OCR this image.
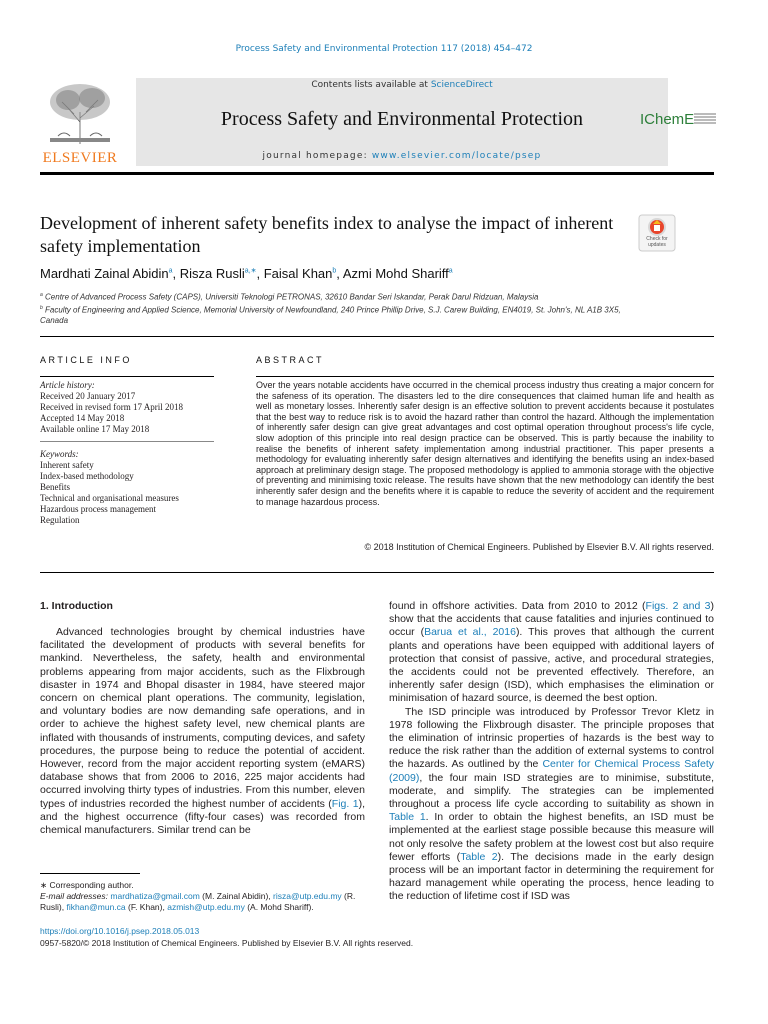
Process Safety and Environmental Protection 117 (2018) 454–472
ELSEVIER
Contents lists available at ScienceDirect
Process Safety and Environmental Protection
journal homepage: www.elsevier.com/locate/psep
IChemE
Development of inherent safety benefits index to analyse the impact of inherent safety implementation	Check for updates
Mardhati Zainal Abidin$^a$, Risza Rusli$^{a,∗}$, Faisal Khan$^b$, Azmi Mohd Shariff$^a$
$^a$ Centre of Advanced Process Safety (CAPS), Universiti Teknologi PETRONAS, 32610 Bandar Seri Iskandar, Perak Darul Ridzuan, Malaysia
$^b$ Faculty of Engineering and Applied Science, Memorial University of Newfoundland, 240 Prince Phillip Drive, S.J. Carew Building, EN4019, St. John's, NL A1B 3X5, Canada
ARTICLE INFO	ABSTRACT
Article history:
Received 20 January 2017
Received in revised form 17 April 2018
Accepted 14 May 2018
Available online 17 May 2018
Keywords:
Inherent safety
Index-based methodology
Benefits
Technical and organisational measures
Hazardous process management
Regulation
Over the years notable accidents have occurred in the chemical process industry thus creating a major concern for the safeness of its operation. The disasters led to the dire consequences that claimed human life and health as well as monetary losses. Inherently safer design is an effective solution to prevent accidents because it postulates that the best way to reduce risk is to avoid the hazard rather than control the hazard. Although the implementation of inherently safer design can give great advantages and cost optimal operation throughout process's life cycle, slow adoption of this principle into real design practice can be observed. This is partly because the inability to realise the benefits of inherent safety implementation among industrial practitioner. This paper presents a methodology for evaluating inherently safer design alternatives and identifying the benefits using an index-based approach at preliminary design stage. The proposed methodology is applied to ammonia storage with the objective of preventing and minimising toxic release. The results have shown that the new methodology can identify the best inherently safer design and the benefits where it is capable to reduce the severity of accident and the requirement to manage hazardous process.
© 2018 Institution of Chemical Engineers. Published by Elsevier B.V. All rights reserved.
1. Introduction

Advanced technologies brought by chemical industries have facilitated the development of products with several benefits for mankind. Nevertheless, the safety, health and environmental problems appearing from major accidents, such as the Flixbrough disaster in 1974 and Bhopal disaster in 1984, have steered major concern on chemical plant operations. The community, legislation, and voluntary bodies are now demanding safe operations, and in order to achieve the highest safety level, new chemical plants are inflated with thousands of instruments, computing devices, and safety procedures, the purpose being to reduce the potential of accident. However, record from the major accident reporting system (eMARS) database shows that from 2006 to 2016, 225 major accidents had occurred involving thirty types of industries. From this number, eleven types of industries recorded the highest number of accidents (Fig. 1), and the highest occurrence (fifty-four cases) was recorded from chemical manufacturers. Similar trend can be

found in offshore activities. Data from 2010 to 2012 (Figs. 2 and 3) show that the accidents that cause fatalities and injuries continued to occur (Barua et al., 2016). This proves that although the current plants and operations have been equipped with additional layers of protection that consist of passive, active, and procedural strategies, the accidents could not be prevented effectively. Therefore, an inherently safer design (ISD), which emphasises the elimination or minimisation of hazard source, is deemed the best option.

The ISD principle was introduced by Professor Trevor Kletz in 1978 following the Flixbrough disaster. The principle proposes that the elimination of intrinsic properties of hazards is the best way to reduce the risk rather than the addition of external systems to control the hazards. As outlined by the Center for Chemical Process Safety (2009), the four main ISD strategies are to minimise, substitute, moderate, and simplify. The strategies can be implemented throughout a process life cycle according to suitability as shown in Table 1. In order to obtain the highest benefits, an ISD must be implemented at the earliest stage possible because this measure will not only resolve the safety problem at the lowest cost but also require fewer efforts (Table 2). The decisions made in the early design process will be an important factor in determining the requirement for hazard management while operating the process, hence leading to the reduction of lifetime cost if ISD was

∗ Corresponding author.
E-mail addresses: mardhatiza@gmail.com (M. Zainal Abidin), risza@utp.edu.my (R. Rusli), fikhan@mun.ca (F. Khan), azmish@utp.edu.my (A. Mohd Shariff).
https://doi.org/10.1016/j.psep.2018.05.013
0957-5820/© 2018 Institution of Chemical Engineers. Published by Elsevier B.V. All rights reserved.
